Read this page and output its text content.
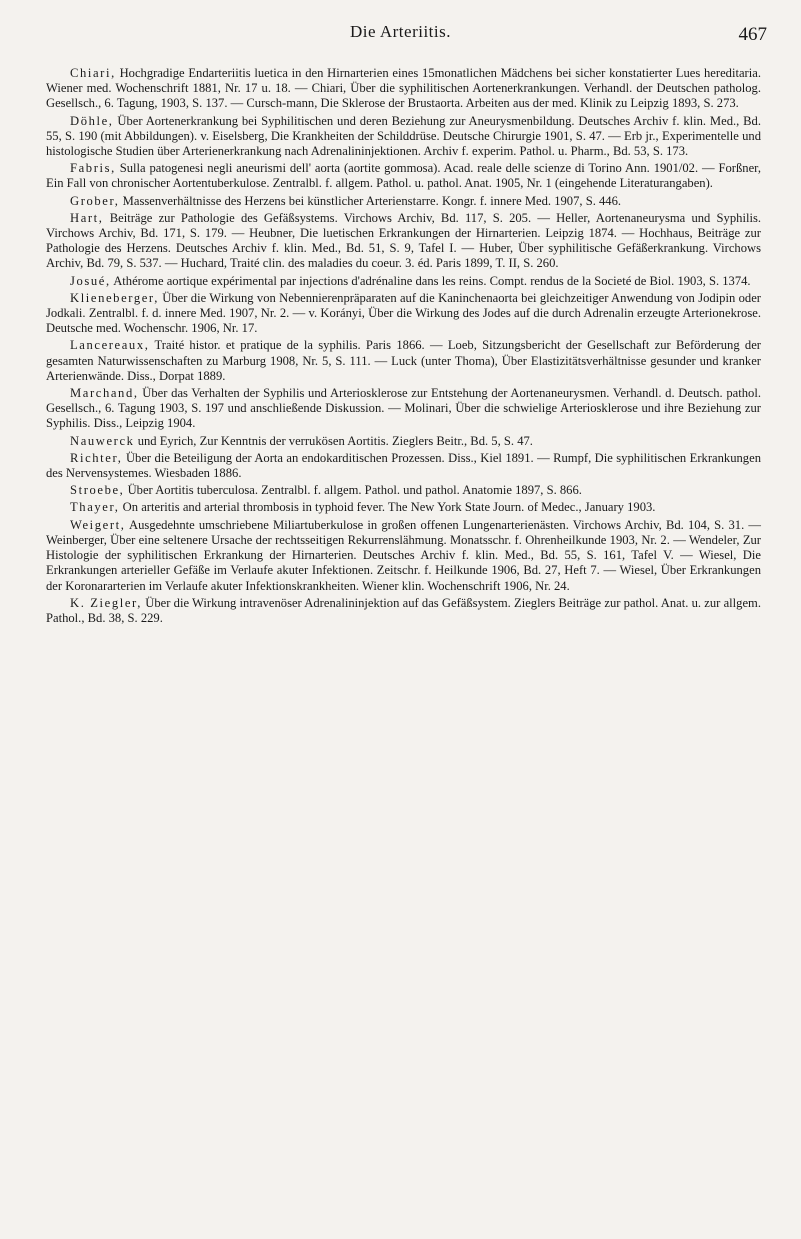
Die Arteriitis.	467

Chiari, Hochgradige Endarteriitis luetica in den Hirnarterien eines 15monatlichen Mädchens bei sicher konstatierter Lues hereditaria. Wiener med. Wochenschrift 1881, Nr. 17 u. 18. — Chiari, Über die syphilitischen Aortenerkrankungen. Verhandl. der Deutschen patholog. Gesellsch., 6. Tagung, 1903, S. 137. — Cursch-mann, Die Sklerose der Brustaorta. Arbeiten aus der med. Klinik zu Leipzig 1893, S. 273.

Döhle, Über Aortenerkrankung bei Syphilitischen und deren Beziehung zur Aneurysmenbildung. Deutsches Archiv f. klin. Med., Bd. 55, S. 190 (mit Abbildungen). v. Eiselsberg, Die Krankheiten der Schilddrüse. Deutsche Chirurgie 1901, S. 47. — Erb jr., Experimentelle und histologische Studien über Arterienerkrankung nach Adrenalininjektionen. Archiv f. experim. Pathol. u. Pharm., Bd. 53, S. 173.

Fabris, Sulla patogenesi negli aneurismi dell' aorta (aortite gommosa). Acad. reale delle scienze di Torino Ann. 1901/02. — Forßner, Ein Fall von chronischer Aortentuberkulose. Zentralbl. f. allgem. Pathol. u. pathol. Anat. 1905, Nr. 1 (eingehende Literaturangaben).

Grober, Massenverhältnisse des Herzens bei künstlicher Arterienstarre. Kongr. f. innere Med. 1907, S. 446.

Hart, Beiträge zur Pathologie des Gefäßsystems. Virchows Archiv, Bd. 117, S. 205. — Heller, Aortenaneurysma und Syphilis. Virchows Archiv, Bd. 171, S. 179. — Heubner, Die luetischen Erkrankungen der Hirnarterien. Leipzig 1874. — Hochhaus, Beiträge zur Pathologie des Herzens. Deutsches Archiv f. klin. Med., Bd. 51, S. 9, Tafel I. — Huber, Über syphilitische Gefäßerkrankung. Virchows Archiv, Bd. 79, S. 537. — Huchard, Traité clin. des maladies du coeur. 3. éd. Paris 1899, T. II, S. 260.

Josué, Athérome aortique expérimental par injections d'adrénaline dans les reins. Compt. rendus de la Societé de Biol. 1903, S. 1374.

Klieneberger, Über die Wirkung von Nebennierenpräparaten auf die Kaninchenaorta bei gleichzeitiger Anwendung von Jodipin oder Jodkali. Zentralbl. f. d. innere Med. 1907, Nr. 2. — v. Korányi, Über die Wirkung des Jodes auf die durch Adrenalin erzeugte Arterionekrose. Deutsche med. Wochenschr. 1906, Nr. 17.

Lancereaux, Traité histor. et pratique de la syphilis. Paris 1866. — Loeb, Sitzungsbericht der Gesellschaft zur Beförderung der gesamten Naturwissenschaften zu Marburg 1908, Nr. 5, S. 111. — Luck (unter Thoma), Über Elastizitätsverhältnisse gesunder und kranker Arterienwände. Diss., Dorpat 1889.

Marchand, Über das Verhalten der Syphilis und Arteriosklerose zur Entstehung der Aortenaneurysmen. Verhandl. d. Deutsch. pathol. Gesellsch., 6. Tagung 1903, S. 197 und anschließende Diskussion. — Molinari, Über die schwielige Arteriosklerose und ihre Beziehung zur Syphilis. Diss., Leipzig 1904.

Nauwerck und Eyrich, Zur Kenntnis der verrukösen Aortitis. Zieglers Beitr., Bd. 5, S. 47.

Richter, Über die Beteiligung der Aorta an endokarditischen Prozessen. Diss., Kiel 1891. — Rumpf, Die syphilitischen Erkrankungen des Nervensystemes. Wiesbaden 1886.

Stroebe, Über Aortitis tuberculosa. Zentralbl. f. allgem. Pathol. und pathol. Anatomie 1897, S. 866.

Thayer, On arteritis and arterial thrombosis in typhoid fever. The New York State Journ. of Medec., January 1903.

Weigert, Ausgedehnte umschriebene Miliartuberkulose in großen offenen Lungenarterienästen. Virchows Archiv, Bd. 104, S. 31. — Weinberger, Über eine seltenere Ursache der rechtsseitigen Rekurrenslähmung. Monatsschr. f. Ohrenheilkunde 1903, Nr. 2. — Wendeler, Zur Histologie der syphilitischen Erkrankung der Hirnarterien. Deutsches Archiv f. klin. Med., Bd. 55, S. 161, Tafel V. — Wiesel, Die Erkrankungen arterieller Gefäße im Verlaufe akuter Infektionen. Zeitschr. f. Heilkunde 1906, Bd. 27, Heft 7. — Wiesel, Über Erkrankungen der Koronararterien im Verlaufe akuter Infektionskrankheiten. Wiener klin. Wochenschrift 1906, Nr. 24.

K. Ziegler, Über die Wirkung intravenöser Adrenalininjektion auf das Gefäßsystem. Zieglers Beiträge zur pathol. Anat. u. zur allgem. Pathol., Bd. 38, S. 229.
